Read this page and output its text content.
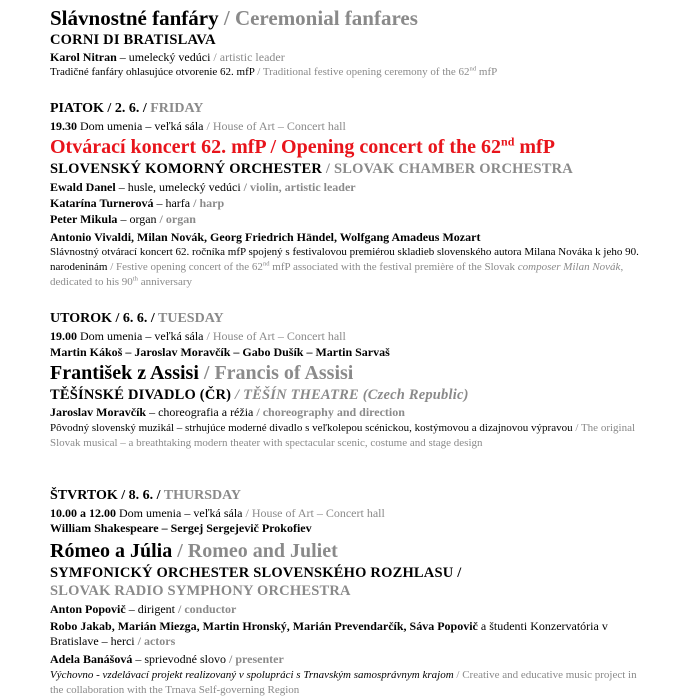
Slávnostné fanfáry / Ceremonial fanfares
CORNI DI BRATISLAVA
Karol Nitran – umelecký vedúci / artistic leader
Tradičné fanfáry ohlasujúce otvorenie 62. mfP / Traditional festive opening ceremony of the 62nd mfP
PIATOK / 2. 6. / FRIDAY
19.30 Dom umenia – veľká sála / House of Art – Concert hall
Otvárací koncert 62. mfP / Opening concert of the 62nd mfP
SLOVENSKÝ KOMORNÝ ORCHESTER / SLOVAK CHAMBER ORCHESTRA
Ewald Danel – husle, umelecký vedúci / violin, artistic leader
Katarína Turnerová – harfa / harp
Peter Mikula – organ / organ
Antonio Vivaldi, Milan Novák, Georg Friedrich Händel, Wolfgang Amadeus Mozart
Slávnostný otvárací koncert 62. ročníka mfP spojený s festivalovou premiérou skladieb slovenského autora Milana Nováka k jeho 90. narodeninám / Festive opening concert of the 62nd mfP associated with the festival première of the Slovak composer Milan Novák, dedicated to his 90th anniversary
UTOROK / 6. 6. / TUESDAY
19.00 Dom umenia – veľká sála / House of Art – Concert hall
Martin Kákoš – Jaroslav Moravčík – Gabo Dušík – Martin Sarvaš
František z Assisi / Francis of Assisi
TĚŠÍNSKÉ DIVADLO (ČR) / TĚŠÍN THEATRE (Czech Republic)
Jaroslav Moravčík – choreografia a réžia / choreography and direction
Pôvodný slovenský muzikál – strhujúce moderné divadlo s veľkolepou scénickou, kostýmovou a dizajnovou výpravou / The original Slovak musical – a breathtaking modern theater with spectacular scenic, costume and stage design
ŠTVRTOK / 8. 6. / THURSDAY
10.00 a 12.00 Dom umenia – veľká sála / House of Art – Concert hall
William Shakespeare – Sergej Sergejevič Prokofiev
Rómeo a Júlia / Romeo and Juliet
SYMFONICKÝ ORCHESTER SLOVENSKÉHO ROZHLASU /
SLOVAK RADIO SYMPHONY ORCHESTRA
Anton Popovič – dirigent / conductor
Robo Jakab, Marián Miezga, Martin Hronský, Marián Prevendarčík, Sáva Popovič a študenti Konzervatória v Bratislave – herci / actors
Adela Banášová – sprievodné slovo / presenter
Výchovno - vzdelávací projekt realizovaný v spolupráci s Trnavským samosprávnym krajom / Creative and educative music project in the collaboration with the Trnava Self-governing Region
